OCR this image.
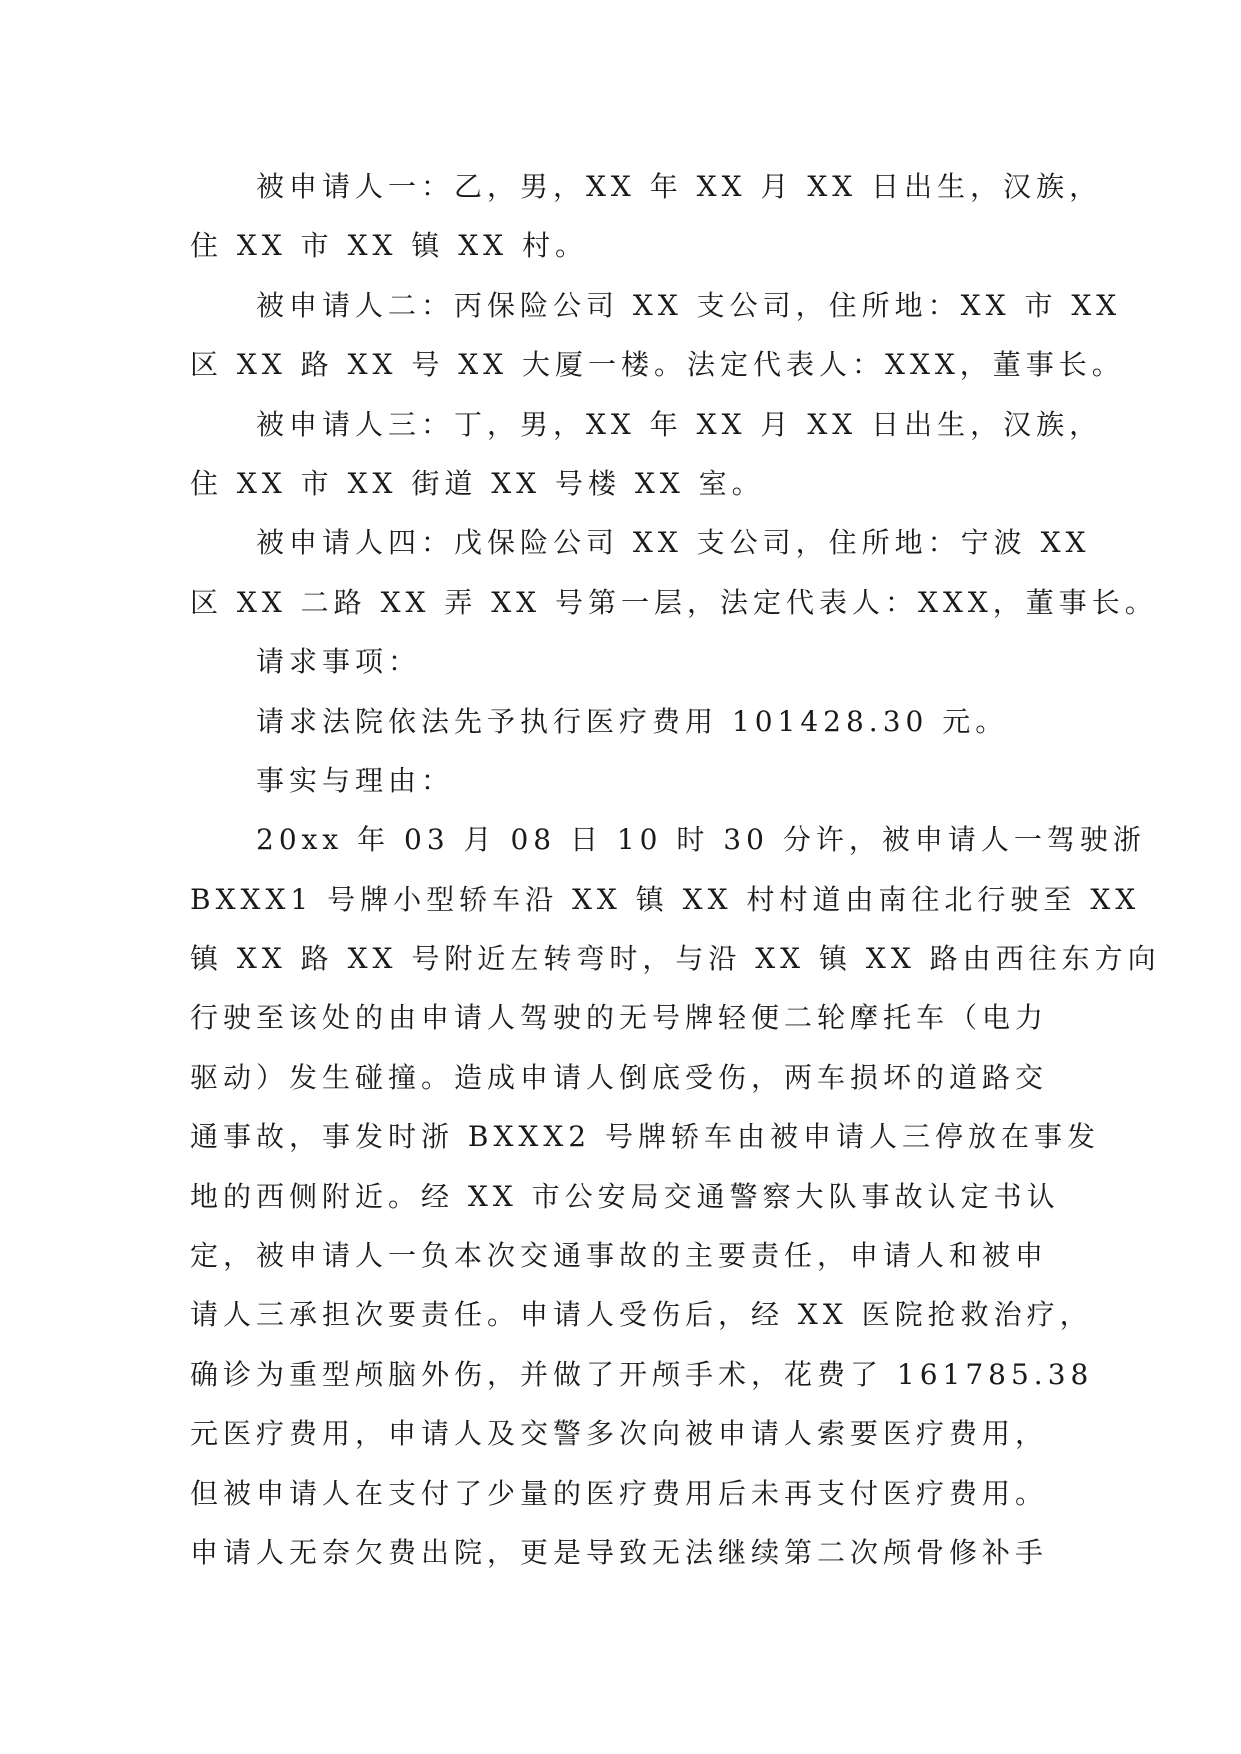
被申请人一：乙，男，XX 年 XX 月 XX 日出生，汉族，
住 XX 市 XX 镇 XX 村。
被申请人二：丙保险公司 XX 支公司，住所地：XX 市 XX
区 XX 路 XX 号 XX 大厦一楼。法定代表人：XXX，董事长。
被申请人三：丁，男，XX 年 XX 月 XX 日出生，汉族，
住 XX 市 XX 街道 XX 号楼 XX 室。
被申请人四：戊保险公司 XX 支公司，住所地：宁波 XX
区 XX 二路 XX 弄 XX 号第一层，法定代表人：XXX，董事长。
请求事项：
请求法院依法先予执行医疗费用 101428.30 元。
事实与理由：
20xx 年 03 月 08 日 10 时 30 分许，被申请人一驾驶浙
BXXX1 号牌小型轿车沿 XX 镇 XX 村村道由南往北行驶至 XX
镇 XX 路 XX 号附近左转弯时，与沿 XX 镇 XX 路由西往东方向
行驶至该处的由申请人驾驶的无号牌轻便二轮摩托车（电力
驱动）发生碰撞。造成申请人倒底受伤，两车损坏的道路交
通事故，事发时浙 BXXX2 号牌轿车由被申请人三停放在事发
地的西侧附近。经 XX 市公安局交通警察大队事故认定书认
定，被申请人一负本次交通事故的主要责任，申请人和被申
请人三承担次要责任。申请人受伤后，经 XX 医院抢救治疗，
确诊为重型颅脑外伤，并做了开颅手术，花费了 161785.38
元医疗费用，申请人及交警多次向被申请人索要医疗费用，
但被申请人在支付了少量的医疗费用后未再支付医疗费用。
申请人无奈欠费出院，更是导致无法继续第二次颅骨修补手
